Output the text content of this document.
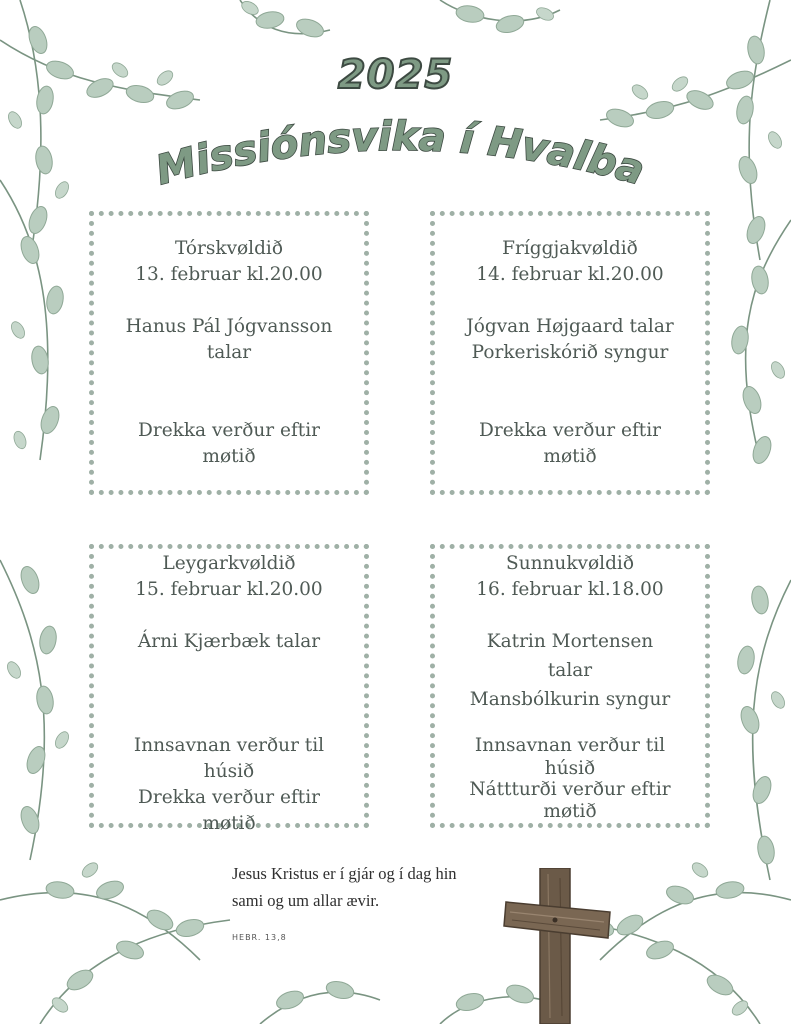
2025
Missiónsvika í Hvalba
Tórskvøldið
13. februar kl.20.00
Hanus Pál Jógvansson
talar
Drekka verður eftir
møtið
Fríggjakvøldið
14. februar kl.20.00
Jógvan Højgaard talar
Porkeriskórið syngur
Drekka verður eftir
møtið
Leygarkvøldið
15. februar kl.20.00
Árni Kjærbæk talar
Innsavnan verður til
húsið
Drekka verður eftir
møtið
Sunnukvøldið
16. februar kl.18.00
Katrin Mortensen
talar
Mansbólkurin syngur
Innsavnan verður til
húsið
Náttturði verður eftir
møtið
Jesus Kristus er í gjár og í dag hin
sami og um allar ævir.
HEBR. 13,8
